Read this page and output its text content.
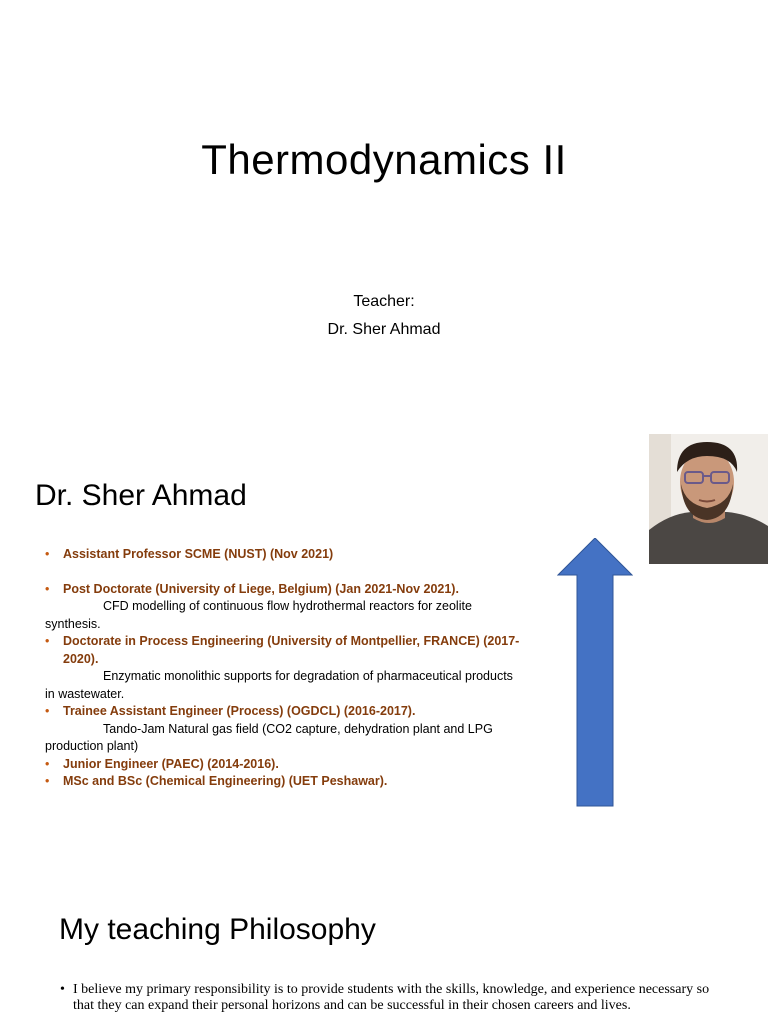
Thermodynamics II
Teacher:
Dr. Sher Ahmad
Dr. Sher Ahmad
• Assistant Professor SCME (NUST) (Nov 2021)
• Post Doctorate (University of Liege, Belgium) (Jan 2021-Nov 2021).
CFD modelling of continuous flow hydrothermal reactors for zeolite synthesis.
• Doctorate in Process Engineering (University of Montpellier, FRANCE) (2017-2020).
Enzymatic monolithic supports for degradation of pharmaceutical products in wastewater.
• Trainee Assistant Engineer (Process) (OGDCL) (2016-2017).
Tando-Jam Natural gas field (CO2 capture, dehydration plant and LPG production plant)
• Junior Engineer (PAEC) (2014-2016).
• MSc and BSc (Chemical Engineering) (UET Peshawar).
My teaching Philosophy
• I believe my primary responsibility is to provide students with the skills, knowledge, and experience necessary so that they can expand their personal horizons and can be successful in their chosen careers and lives.
